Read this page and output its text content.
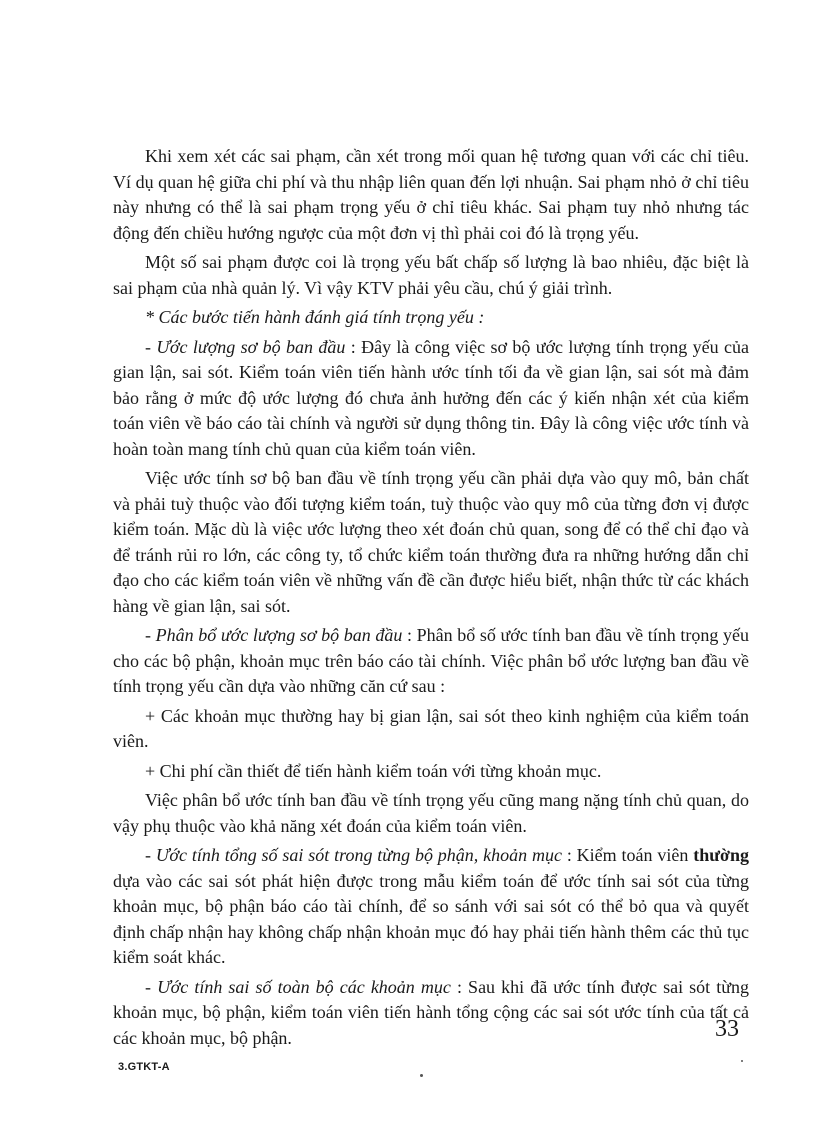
Khi xem xét các sai phạm, cần xét trong mối quan hệ tương quan với các chỉ tiêu. Ví dụ quan hệ giữa chi phí và thu nhập liên quan đến lợi nhuận. Sai phạm nhỏ ở chỉ tiêu này nhưng có thể là sai phạm trọng yếu ở chỉ tiêu khác. Sai phạm tuy nhỏ nhưng tác động đến chiều hướng ngược của một đơn vị thì phải coi đó là trọng yếu.

Một số sai phạm được coi là trọng yếu bất chấp số lượng là bao nhiêu, đặc biệt là sai phạm của nhà quản lý. Vì vậy KTV phải yêu cầu, chú ý giải trình.

* Các bước tiến hành đánh giá tính trọng yếu :

- Ước lượng sơ bộ ban đầu : Đây là công việc sơ bộ ước lượng tính trọng yếu của gian lận, sai sót. Kiểm toán viên tiến hành ước tính tối đa về gian lận, sai sót mà đảm bảo rằng ở mức độ ước lượng đó chưa ảnh hưởng đến các ý kiến nhận xét của kiểm toán viên về báo cáo tài chính và người sử dụng thông tin. Đây là công việc ước tính và hoàn toàn mang tính chủ quan của kiểm toán viên.

Việc ước tính sơ bộ ban đầu về tính trọng yếu cần phải dựa vào quy mô, bản chất và phải tuỳ thuộc vào đối tượng kiểm toán, tuỳ thuộc vào quy mô của từng đơn vị được kiểm toán. Mặc dù là việc ước lượng theo xét đoán chủ quan, song để có thể chỉ đạo và để tránh rủi ro lớn, các công ty, tổ chức kiểm toán thường đưa ra những hướng dẫn chỉ đạo cho các kiểm toán viên về những vấn đề cần được hiểu biết, nhận thức từ các khách hàng về gian lận, sai sót.

- Phân bổ ước lượng sơ bộ ban đầu : Phân bổ số ước tính ban đầu về tính trọng yếu cho các bộ phận, khoản mục trên báo cáo tài chính. Việc phân bổ ước lượng ban đầu về tính trọng yếu cần dựa vào những căn cứ sau :

+ Các khoản mục thường hay bị gian lận, sai sót theo kinh nghiệm của kiểm toán viên.

+ Chi phí cần thiết để tiến hành kiểm toán với từng khoản mục.

Việc phân bổ ước tính ban đầu về tính trọng yếu cũng mang nặng tính chủ quan, do vậy phụ thuộc vào khả năng xét đoán của kiểm toán viên.

- Ước tính tổng số sai sót trong từng bộ phận, khoản mục : Kiểm toán viên thường dựa vào các sai sót phát hiện được trong mẫu kiểm toán để ước tính sai sót của từng khoản mục, bộ phận báo cáo tài chính, để so sánh với sai sót có thể bỏ qua và quyết định chấp nhận hay không chấp nhận khoản mục đó hay phải tiến hành thêm các thủ tục kiểm soát khác.

- Ước tính sai số toàn bộ các khoản mục : Sau khi đã ước tính được sai sót từng khoản mục, bộ phận, kiểm toán viên tiến hành tổng cộng các sai sót ước tính của tất cả các khoản mục, bộ phận.	33
3.GTKT-A
